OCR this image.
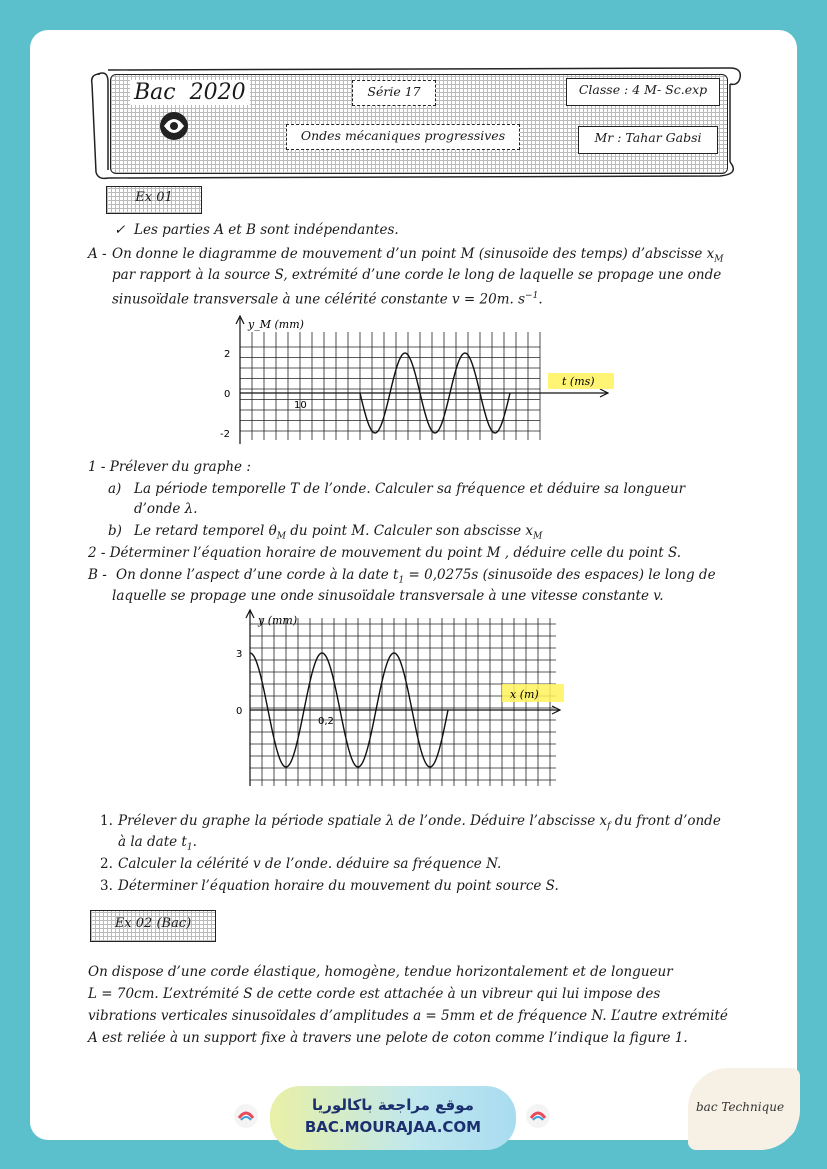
Bac  2020	Série 17	Classe : 4 M- Sc.exp
Ondes mécaniques progressives	Mr : Tahar Gabsi
Ex 01
✓ Les parties A et B sont indépendantes.
A - On donne le diagramme de mouvement d’un point M (sinusoïde des temps) d’abscisse $x_M$
par rapport à la source S, extrémité d’une corde le long de laquelle se propage une onde
sinusoïdale transversale à une célérité constante v = 20m. $s^{-1}$.
y_M (mm)
t (ms)
2
0
-2
10
1 - Prélever du graphe :
a) La période temporelle T de l’onde. Calculer sa fréquence et déduire sa longueur
d’onde λ.
b) Le retard temporel $\theta_M$ du point M. Calculer son abscisse $x_M$
2 - Déterminer l’équation horaire de mouvement du point M , déduire celle du point S.
B - On donne l’aspect d’une corde à la date $t_1 = 0,0275s$ (sinusoïde des espaces) le long de
laquelle se propage une onde sinusoïdale transversale à une vitesse constante v.
y (mm)
x (m)
3
0
0,2
1. Prélever du graphe la période spatiale λ de l’onde. Déduire l’abscisse $x_f$ du front d’onde
à la date $t_1$.
2. Calculer la célérité v de l’onde. déduire sa fréquence N.
3. Déterminer l’équation horaire du mouvement du point source S.
Ex 02 (Bac)
On dispose d’une corde élastique, homogène, tendue horizontalement et de longueur
L = 70cm. L’extrémité S de cette corde est attachée à un vibreur qui lui impose des
vibrations verticales sinusoïdales d’amplitudes a = 5mm et de fréquence N. L’autre extrémité
A est reliée à un support fixe à travers une pelote de coton comme l’indique la figure 1.
موقع مراجعة باكالوريا
BAC.MOURAJAA.COM
bac Technique
